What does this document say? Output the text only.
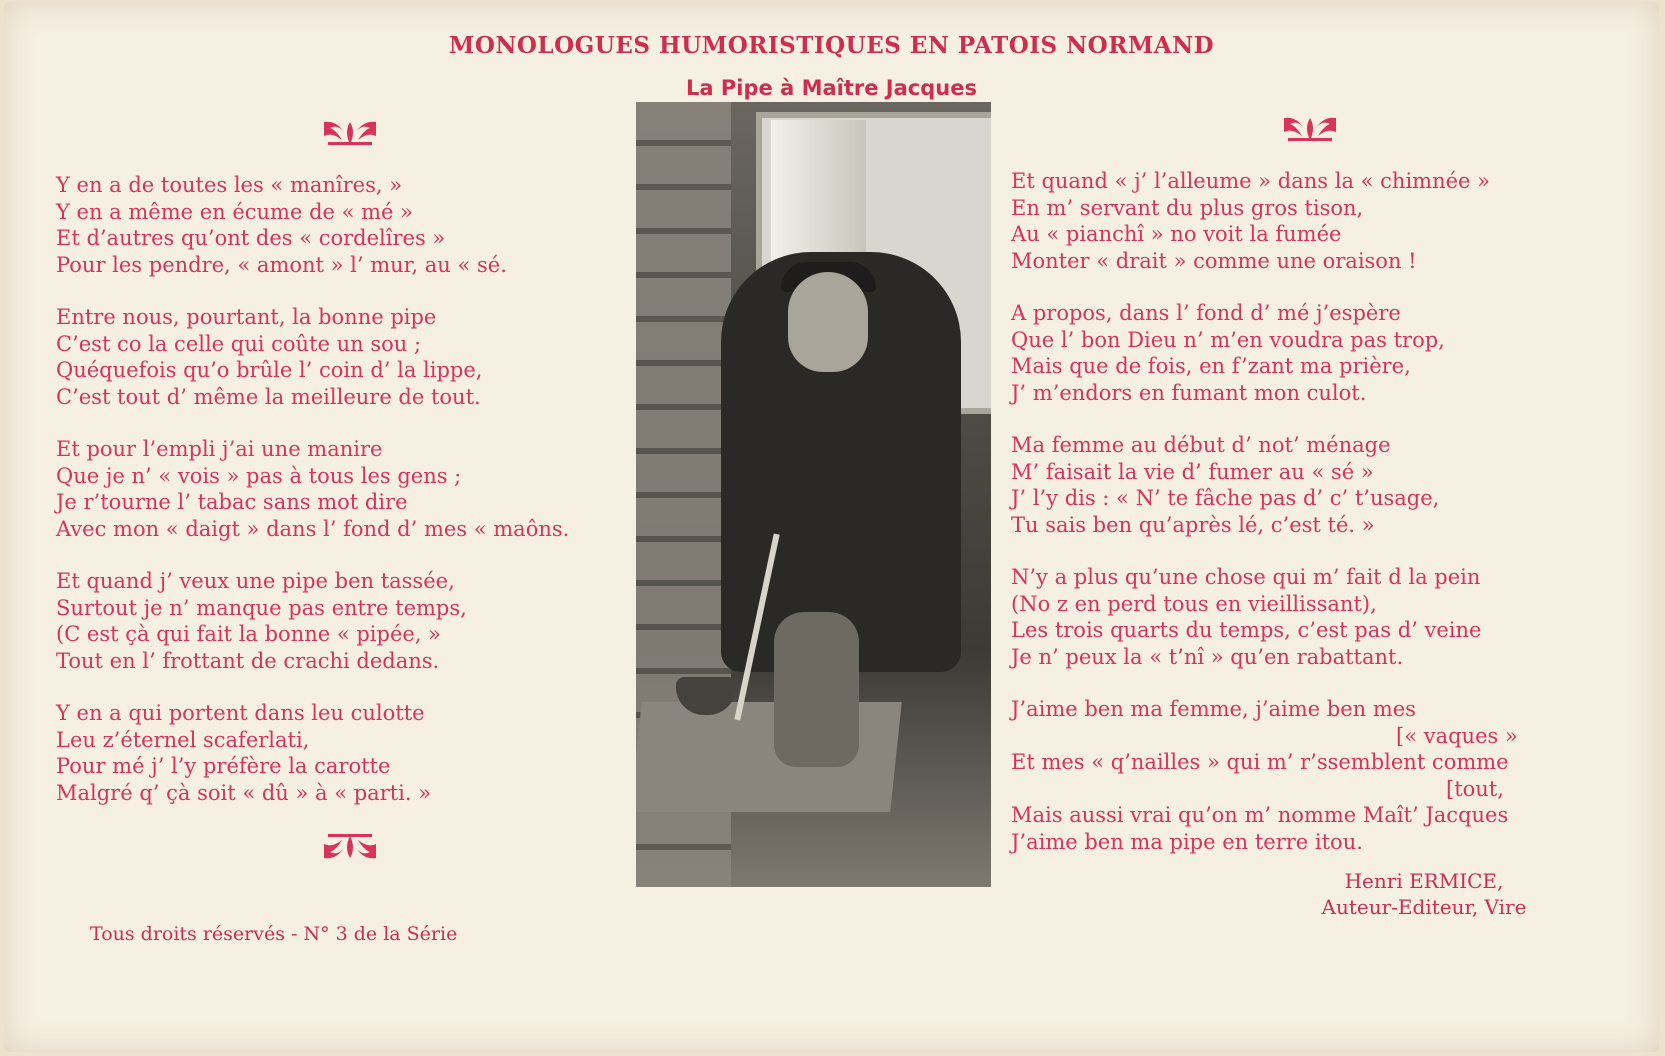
MONOLOGUES HUMORISTIQUES EN PATOIS NORMAND
La Pipe à Maître Jacques
Y en a de toutes les « manîres, »
Y en a même en écume de « mé »
Et d’autres qu’ont des « cordelîres »
Pour les pendre, « amont » l’ mur, au « sé.
Entre nous, pourtant, la bonne pipe
C’est co la celle qui coûte un sou ;
Quéquefois qu’o brûle l’ coin d’ la lippe,
C’est tout d’ même la meilleure de tout.
Et pour l’empli j’ai une manire
Que je n’ « vois » pas à tous les gens ;
Je r’tourne l’ tabac sans mot dire
Avec mon « daigt » dans l’ fond d’ mes « maôns.
Et quand j’ veux une pipe ben tassée,
Surtout je n’ manque pas entre temps,
(C est çà qui fait la bonne « pipée, »
Tout en l’ frottant de crachi dedans.
Y en a qui portent dans leu culotte
Leu z’éternel scaferlati,
Pour mé j’ l’y préfère la carotte
Malgré q’ çà soit « dû » à « parti. »
Et quand « j’ l’alleume » dans la « chimnée »
En m’ servant du plus gros tison,
Au « pianchî » no voit la fumée
Monter « drait » comme une oraison !
A propos, dans l’ fond d’ mé j’espère
Que l’ bon Dieu n’ m’en voudra pas trop,
Mais que de fois, en f’zant ma prière,
J’ m’endors en fumant mon culot.
Ma femme au début d’ not’ ménage
M’ faisait la vie d’ fumer au « sé »
J’ l’y dis : « N’ te fâche pas d’ c’ t’usage,
Tu sais ben qu’après lé, c’est té. »
N’y a plus qu’une chose qui m’ fait d la pein
(No z en perd tous en vieillissant),
Les trois quarts du temps, c’est pas d’ veine
Je n’ peux la « t’nî » qu’en rabattant.
J’aime ben ma femme, j’aime ben mes
[« vaques »
Et mes « q’nailles » qui m’ r’ssemblent comme
[tout,
Mais aussi vrai qu’on m’ nomme Maît’ Jacques
J’aime ben ma pipe en terre itou.
Henri ERMICE,
Auteur-Editeur, Vire
Tous droits réservés - N° 3 de la Série
